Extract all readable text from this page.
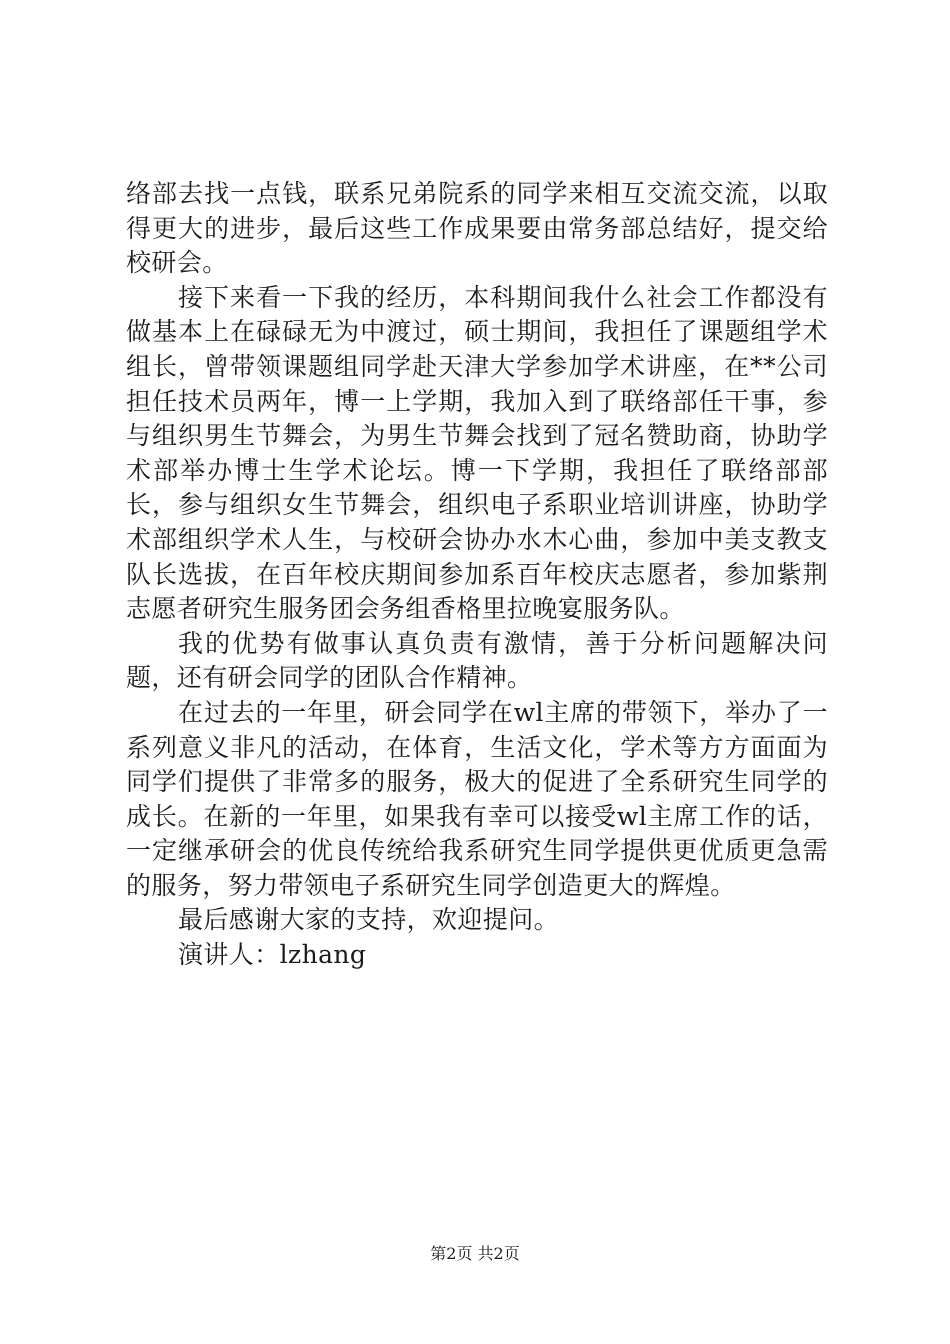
络部去找一点钱，联系兄弟院系的同学来相互交流交流，以取得更大的进步，最后这些工作成果要由常务部总结好，提交给校研会。

接下来看一下我的经历，本科期间我什么社会工作都没有做基本上在碌碌无为中渡过，硕士期间，我担任了课题组学术组长，曾带领课题组同学赴天津大学参加学术讲座，在**公司担任技术员两年，博一上学期，我加入到了联络部任干事，参与组织男生节舞会，为男生节舞会找到了冠名赞助商，协助学术部举办博士生学术论坛。博一下学期，我担任了联络部部长，参与组织女生节舞会，组织电子系职业培训讲座，协助学术部组织学术人生，与校研会协办水木心曲，参加中美支教支队长选拔，在百年校庆期间参加系百年校庆志愿者，参加紫荆志愿者研究生服务团会务组香格里拉晚宴服务队。

我的优势有做事认真负责有激情，善于分析问题解决问题，还有研会同学的团队合作精神。

在过去的一年里，研会同学在wl主席的带领下，举办了一系列意义非凡的活动，在体育，生活文化，学术等方方面面为同学们提供了非常多的服务，极大的促进了全系研究生同学的成长。在新的一年里，如果我有幸可以接受wl主席工作的话，一定继承研会的优良传统给我系研究生同学提供更优质更急需的服务，努力带领电子系研究生同学创造更大的辉煌。

最后感谢大家的支持，欢迎提问。

演讲人：lzhang

第2页 共2页
